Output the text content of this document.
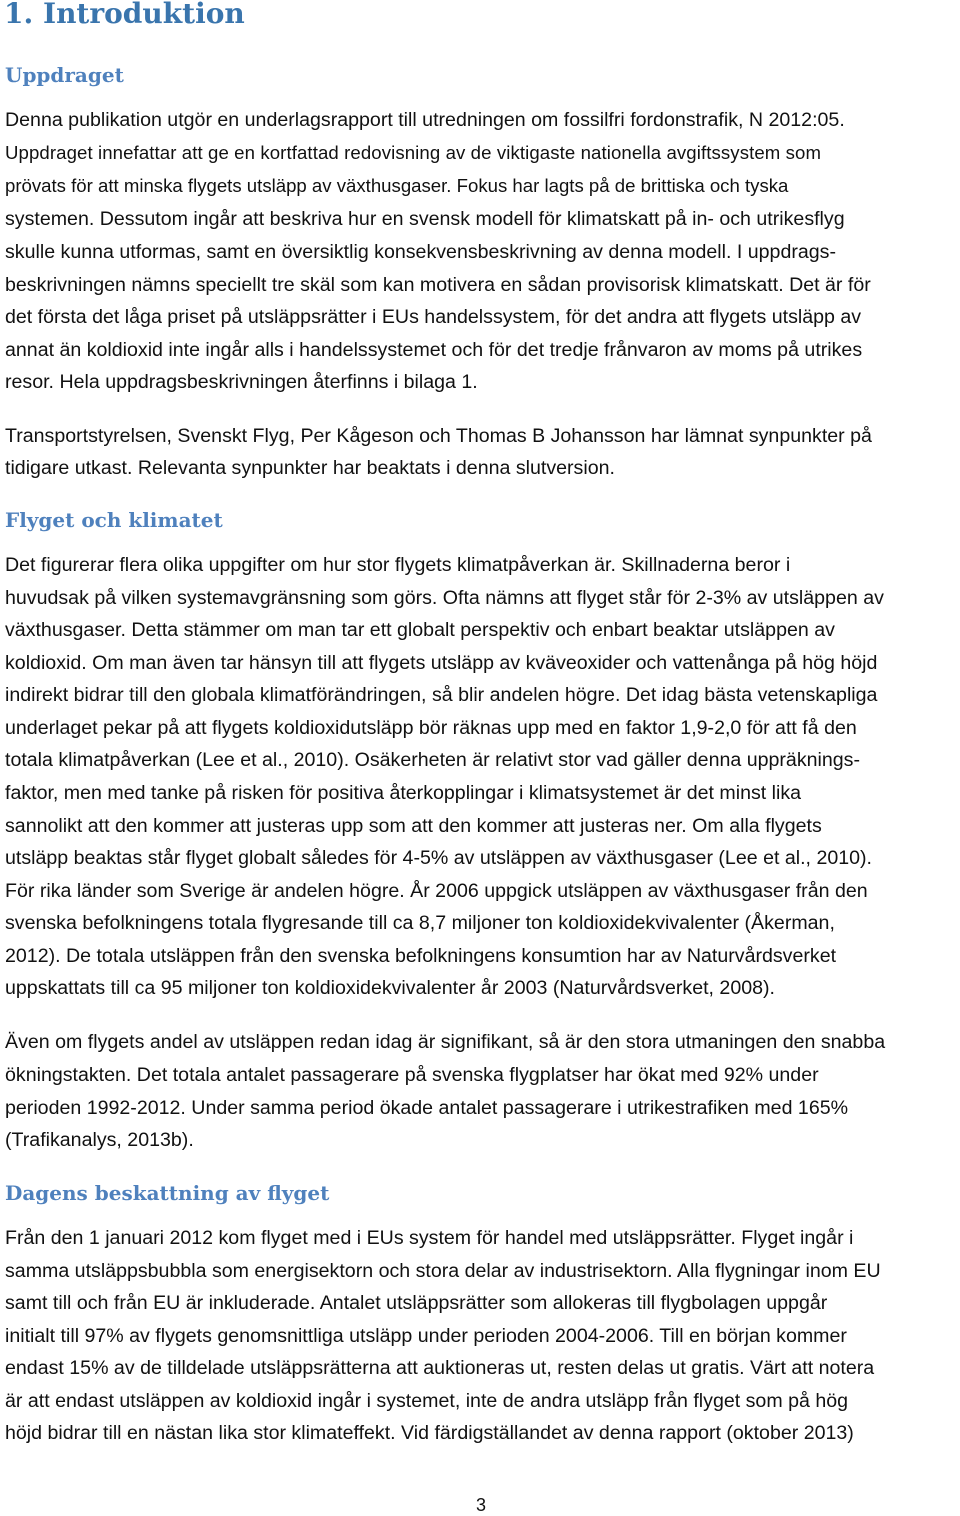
1. Introduktion
Uppdraget

Denna publikation utgör en underlagsrapport till utredningen om fossilfri fordonstrafik, N 2012:05.

Uppdraget innefattar att ge en kortfattad redovisning av de viktigaste nationella avgiftssystem som

prövats för att minska flygets utsläpp av växthusgaser. Fokus har lagts på de brittiska och tyska

systemen. Dessutom ingår att beskriva hur en svensk modell för klimatskatt på in- och utrikesflyg

skulle kunna utformas, samt en översiktlig konsekvensbeskrivning av denna modell. I uppdrags-

beskrivningen nämns speciellt tre skäl som kan motivera en sådan provisorisk klimatskatt. Det är för

det första det låga priset på utsläppsrätter i EUs handelssystem, för det andra att flygets utsläpp av

annat än koldioxid inte ingår alls i handelssystemet och för det tredje frånvaron av moms på utrikes

resor. Hela uppdragsbeskrivningen återfinns i bilaga 1.

Transportstyrelsen, Svenskt Flyg, Per Kågeson och Thomas B Johansson har lämnat synpunkter på

tidigare utkast. Relevanta synpunkter har beaktats i denna slutversion.

Flyget och klimatet

Det figurerar flera olika uppgifter om hur stor flygets klimatpåverkan är. Skillnaderna beror i

huvudsak på vilken systemavgränsning som görs. Ofta nämns att flyget står för 2-3% av utsläppen av

växthusgaser. Detta stämmer om man tar ett globalt perspektiv och enbart beaktar utsläppen av

koldioxid. Om man även tar hänsyn till att flygets utsläpp av kväveoxider och vattenånga på hög höjd

indirekt bidrar till den globala klimatförändringen, så blir andelen högre. Det idag bästa vetenskapliga

underlaget pekar på att flygets koldioxidutsläpp bör räknas upp med en faktor 1,9-2,0 för att få den

totala klimatpåverkan (Lee et al., 2010). Osäkerheten är relativt stor vad gäller denna uppräknings-

faktor, men med tanke på risken för positiva återkopplingar i klimatsystemet är det minst lika

sannolikt att den kommer att justeras upp som att den kommer att justeras ner. Om alla flygets

utsläpp beaktas står flyget globalt således för 4-5% av utsläppen av växthusgaser (Lee et al., 2010).

För rika länder som Sverige är andelen högre. År 2006 uppgick utsläppen av växthusgaser från den

svenska befolkningens totala flygresande till ca 8,7 miljoner ton koldioxidekvivalenter (Åkerman,

2012). De totala utsläppen från den svenska befolkningens konsumtion har av Naturvårdsverket

uppskattats till ca 95 miljoner ton koldioxidekvivalenter år 2003 (Naturvårdsverket, 2008).

Även om flygets andel av utsläppen redan idag är signifikant, så är den stora utmaningen den snabba

ökningstakten. Det totala antalet passagerare på svenska flygplatser har ökat med 92% under

perioden 1992-2012. Under samma period ökade antalet passagerare i utrikestrafiken med 165%

(Trafikanalys, 2013b).

Dagens beskattning av flyget

Från den 1 januari 2012 kom flyget med i EUs system för handel med utsläppsrätter. Flyget ingår i

samma utsläppsbubbla som energisektorn och stora delar av industrisektorn. Alla flygningar inom EU

samt till och från EU är inkluderade. Antalet utsläppsrätter som allokeras till flygbolagen uppgår

initialt till 97% av flygets genomsnittliga utsläpp under perioden 2004-2006. Till en början kommer

endast 15% av de tilldelade utsläppsrätterna att auktioneras ut, resten delas ut gratis. Värt att notera

är att endast utsläppen av koldioxid ingår i systemet, inte de andra utsläpp från flyget som på hög

höjd bidrar till en nästan lika stor klimateffekt. Vid färdigställandet av denna rapport (oktober 2013)

3
